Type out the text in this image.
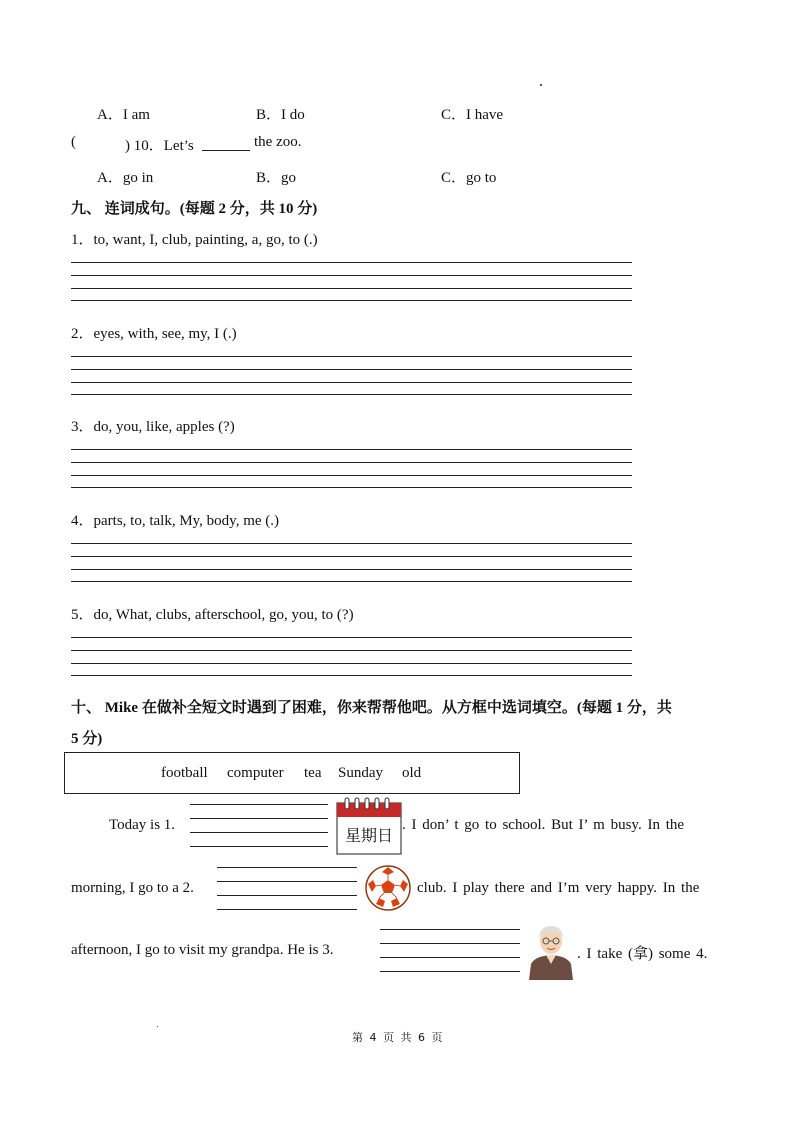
A．I am	B．I do	C．I have
(	) 10．Let’s	the zoo.
A．go in	B．go	C．go to
九、 连词成句。(每题 2 分，共 10 分)
1．to, want, I, club, painting, a, go, to (.)
2．eyes, with, see, my, I (.)
3．do, you, like, apples (?)
4．parts, to, talk, My, body, me (.)
5．do, What, clubs, afterschool, go, you, to (?)
十、 Mike 在做补全短文时遇到了困难，你来帮帮他吧。从方框中选词填空。(每题 1 分，共
5 分)
football computer tea Sunday old
Today is 1.
星期日
. I don’ t go to school. But I’ m busy. In the
morning, I go to a 2.	club. I play there and I’m very happy. In the
afternoon, I go to visit my grandpa. He is 3.	. I take (拿) some 4.
第 4 页 共 6 页
